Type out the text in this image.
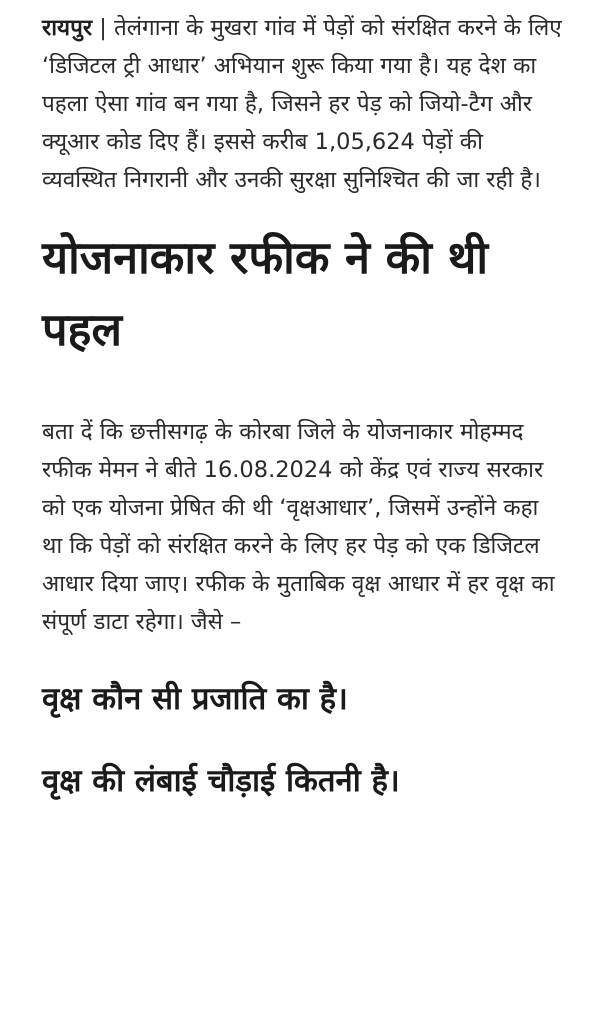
रायपुर | तेलंगाना के मुखरा गांव में पेड़ों को संरक्षित करने के लिए ‘डिजिटल ट्री आधार’ अभियान शुरू किया गया है। यह देश का पहला ऐसा गांव बन गया है, जिसने हर पेड़ को जियो-टैग और क्यूआर कोड दिए हैं। इससे करीब 1,05,624 पेड़ों की व्यवस्थित निगरानी और उनकी सुरक्षा सुनिश्चित की जा रही है।

योजनाकार रफीक ने की थी पहल

बता दें कि छत्तीसगढ़ के कोरबा जिले के योजनाकार मोहम्मद रफीक मेमन ने बीते 16.08.2024 को केंद्र एवं राज्य सरकार को एक योजना प्रेषित की थी ‘वृक्षआधार’, जिसमें उन्होंने कहा था कि पेड़ों को संरक्षित करने के लिए हर पेड़ को एक डिजिटल आधार दिया जाए। रफीक के मुताबिक वृक्ष आधार में हर वृक्ष का संपूर्ण डाटा रहेगा। जैसे –

वृक्ष कौन सी प्रजाति का है।
वृक्ष की लंबाई चौड़ाई कितनी है।
